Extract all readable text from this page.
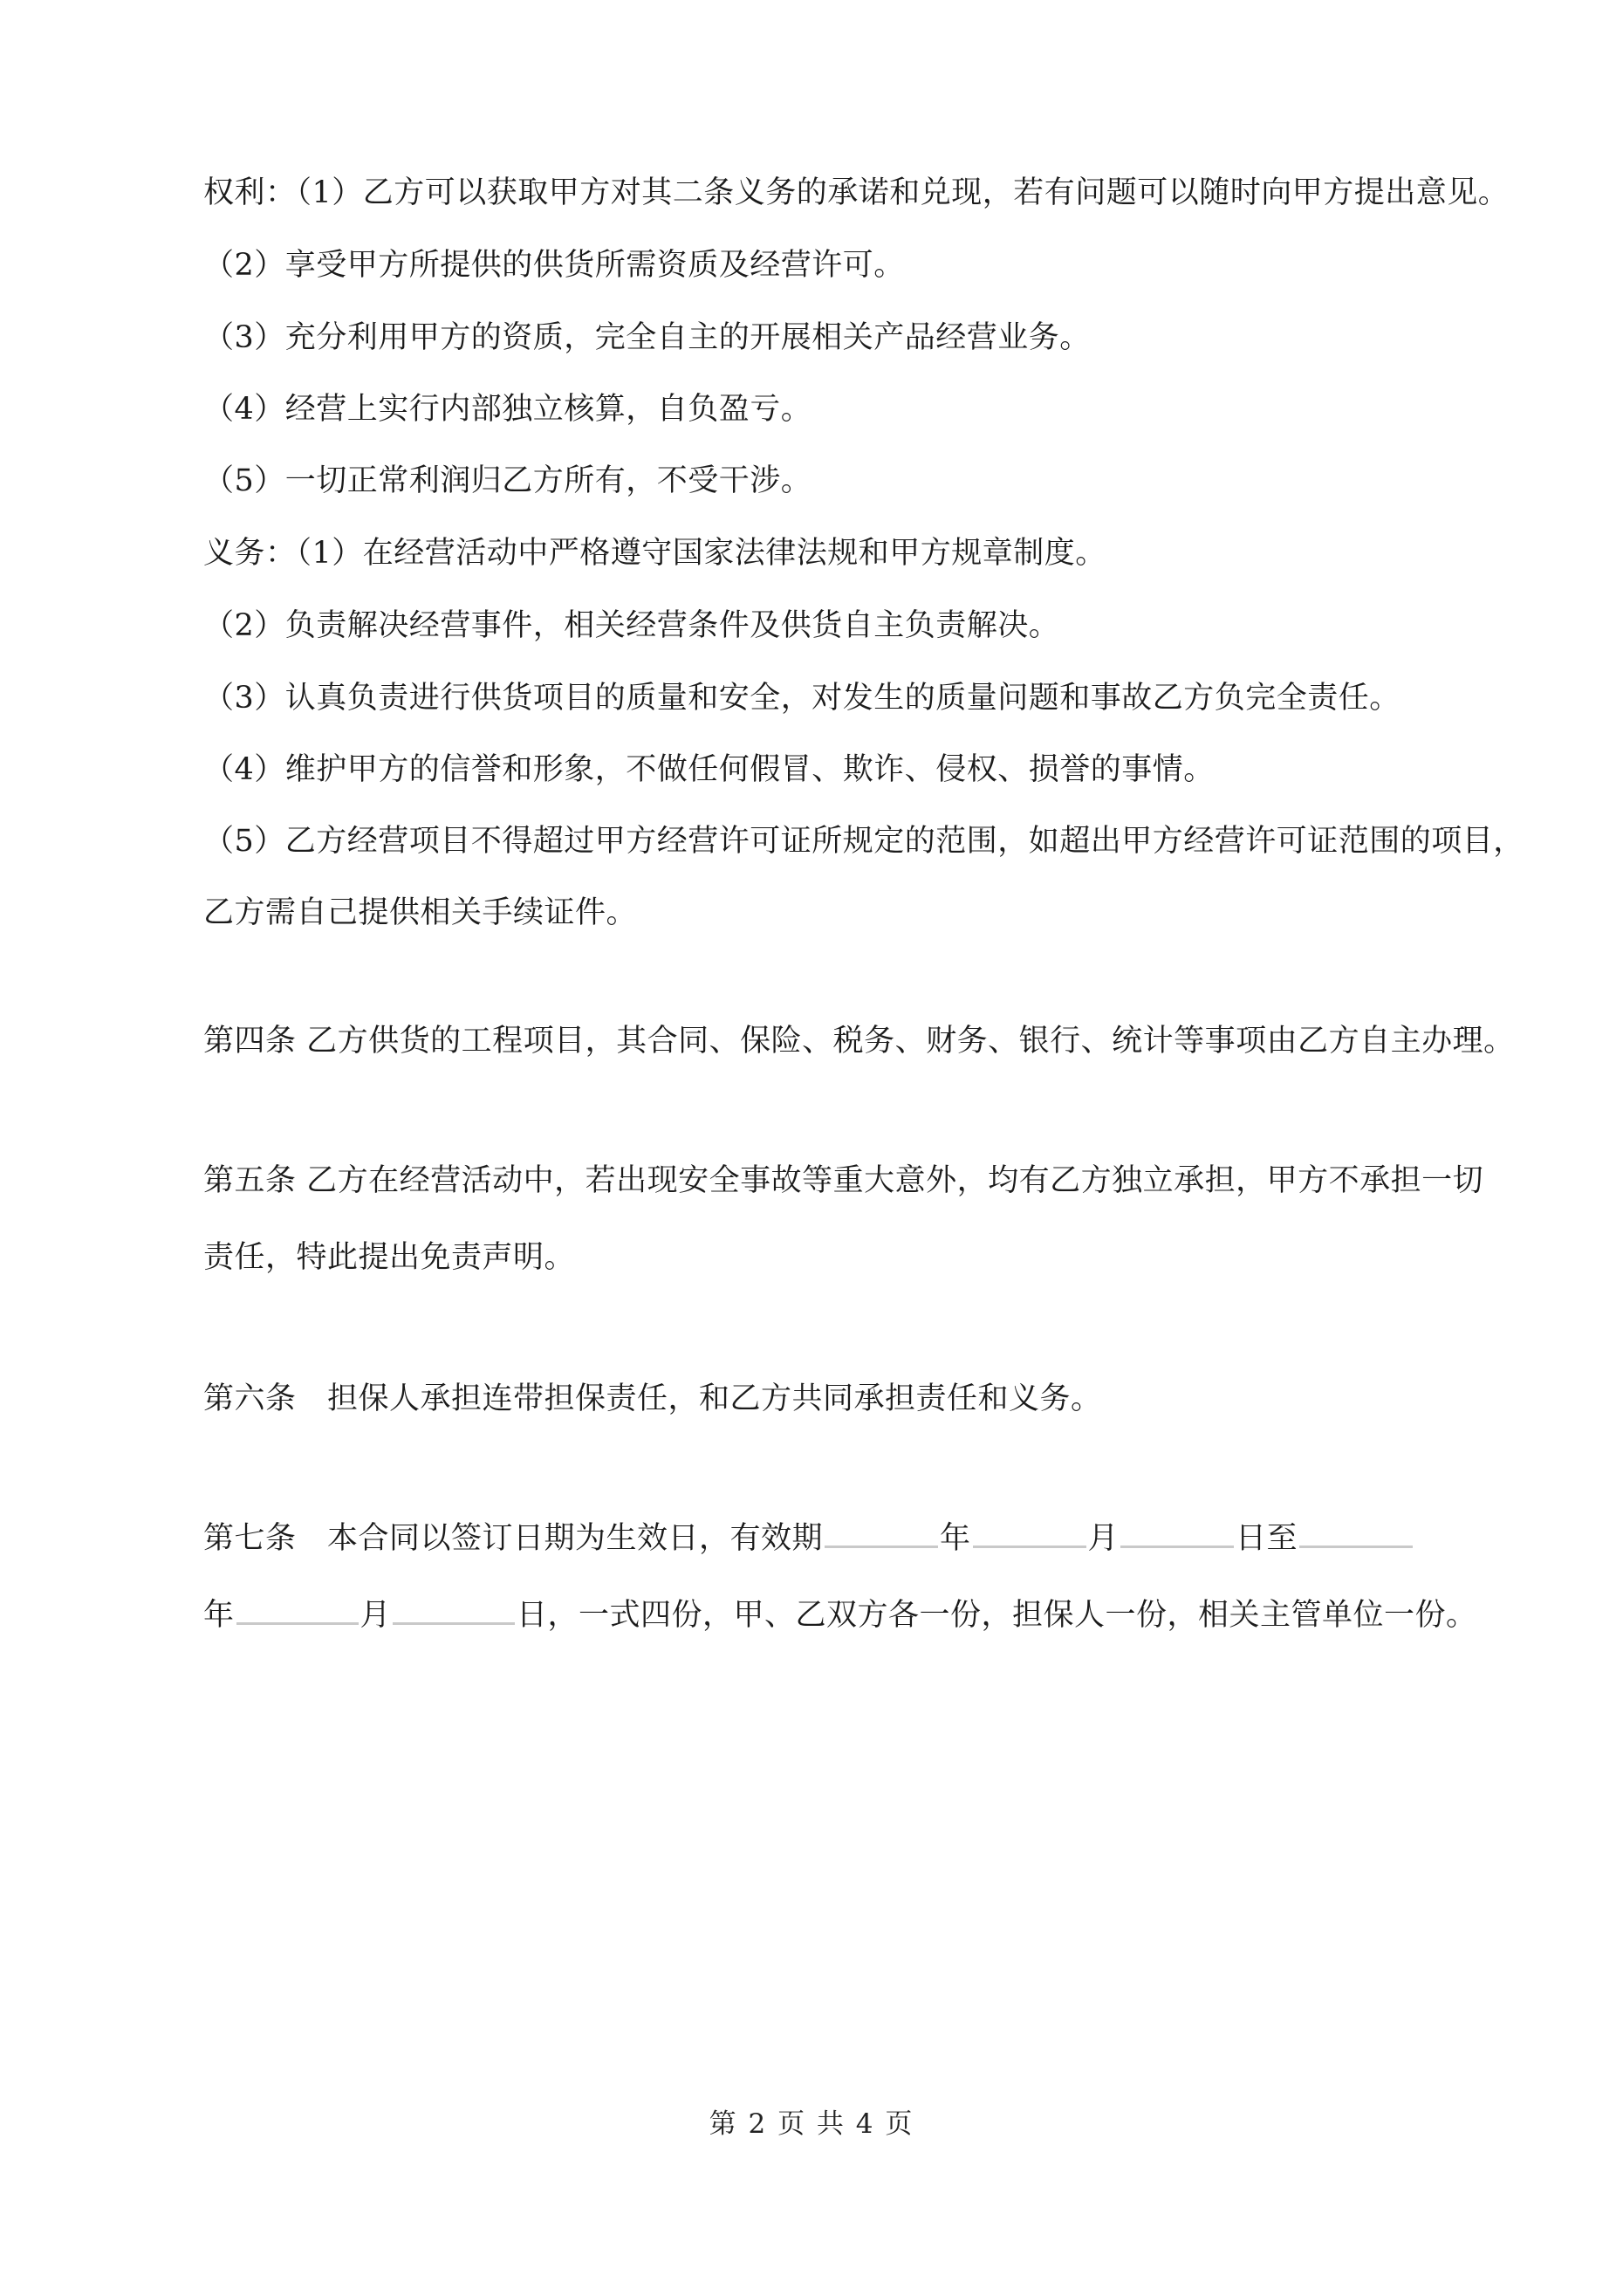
权利：（1）乙方可以获取甲方对其二条义务的承诺和兑现，若有问题可以随时向甲方提出意见。

（2）享受甲方所提供的供货所需资质及经营许可。

（3）充分利用甲方的资质，完全自主的开展相关产品经营业务。

（4）经营上实行内部独立核算，自负盈亏。

（5）一切正常利润归乙方所有，不受干涉。

义务：（1）在经营活动中严格遵守国家法律法规和甲方规章制度。

（2）负责解决经营事件，相关经营条件及供货自主负责解决。

（3）认真负责进行供货项目的质量和安全，对发生的质量问题和事故乙方负完全责任。

（4）维护甲方的信誉和形象，不做任何假冒、欺诈、侵权、损誉的事情。

（5）乙方经营项目不得超过甲方经营许可证所规定的范围，如超出甲方经营许可证范围的项目，

乙方需自己提供相关手续证件。

第四条 乙方供货的工程项目，其合同、保险、税务、财务、银行、统计等事项由乙方自主办理。

第五条 乙方在经营活动中，若出现安全事故等重大意外，均有乙方独立承担，甲方不承担一切

责任，特此提出免责声明。

第六条　担保人承担连带担保责任，和乙方共同承担责任和义务。

第七条　本合同以签订日期为生效日，有效期	年	月	日至

年	月	日，一式四份，甲、乙双方各一份，担保人一份，相关主管单位一份。

第 2 页 共 4 页
